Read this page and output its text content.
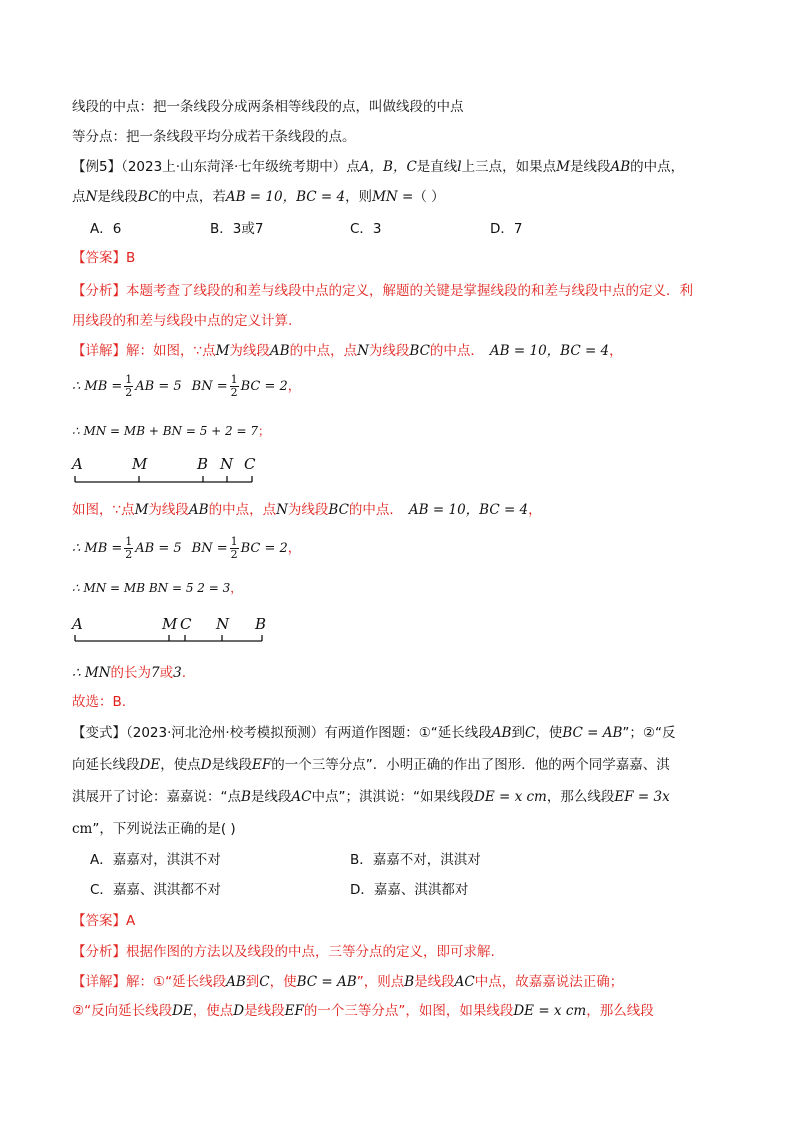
线段的中点：把一条线段分成两条相等线段的点，叫做线段的中点
等分点：把一条线段平均分成若干条线段的点。
【例5】（2023上·山东菏泽·七年级统考期中）点A，B，C是直线l上三点，如果点M是线段AB的中点，
点N是线段BC的中点，若AB = 10，BC = 4，则MN =（ ）
A．6	B．3或7	C．3	D．7
【答案】B
【分析】本题考查了线段的和差与线段中点的定义，解题的关键是掌握线段的和差与线段中点的定义．利
用线段的和差与线段中点的定义计算.
【详解】解：如图，∵点M为线段AB的中点，点N为线段BC的中点． AB = 10，BC = 4，
∴ MB = $\frac{1}{2}$ AB = 5 BN = $\frac{1}{2}$ BC = 2，
∴ MN = MB + BN = 5 + 2 = 7；
A	M	B N C
如图，∵点M为线段AB的中点，点N为线段BC的中点． AB = 10，BC = 4，
∴ MB = $\frac{1}{2}$ AB = 5 BN = $\frac{1}{2}$ BC = 2，
∴ MN = MB BN = 5 2 = 3，
A	M C N B
∴ MN的长为7或3.
故选：B.
【变式】（2023·河北沧州·校考模拟预测）有两道作图题：①“延长线段AB到C，使BC = AB”；②“反
向延长线段DE，使点D是线段EF的一个三等分点”．小明正确的作出了图形．他的两个同学嘉嘉、淇
淇展开了讨论：嘉嘉说：“点B是线段AC中点”；淇淇说：“如果线段DE = x cm，那么线段EF = 3x
cm”，下列说法正确的是( )
A．嘉嘉对，淇淇不对	B．嘉嘉不对，淇淇对
C．嘉嘉、淇淇都不对	D．嘉嘉、淇淇都对
【答案】A
【分析】根据作图的方法以及线段的中点，三等分点的定义，即可求解.
【详解】解：①“延长线段AB到C，使BC = AB”，则点B是线段AC中点，故嘉嘉说法正确；
②“反向延长线段DE，使点D是线段EF的一个三等分点”，如图，如果线段DE = x cm，那么线段
